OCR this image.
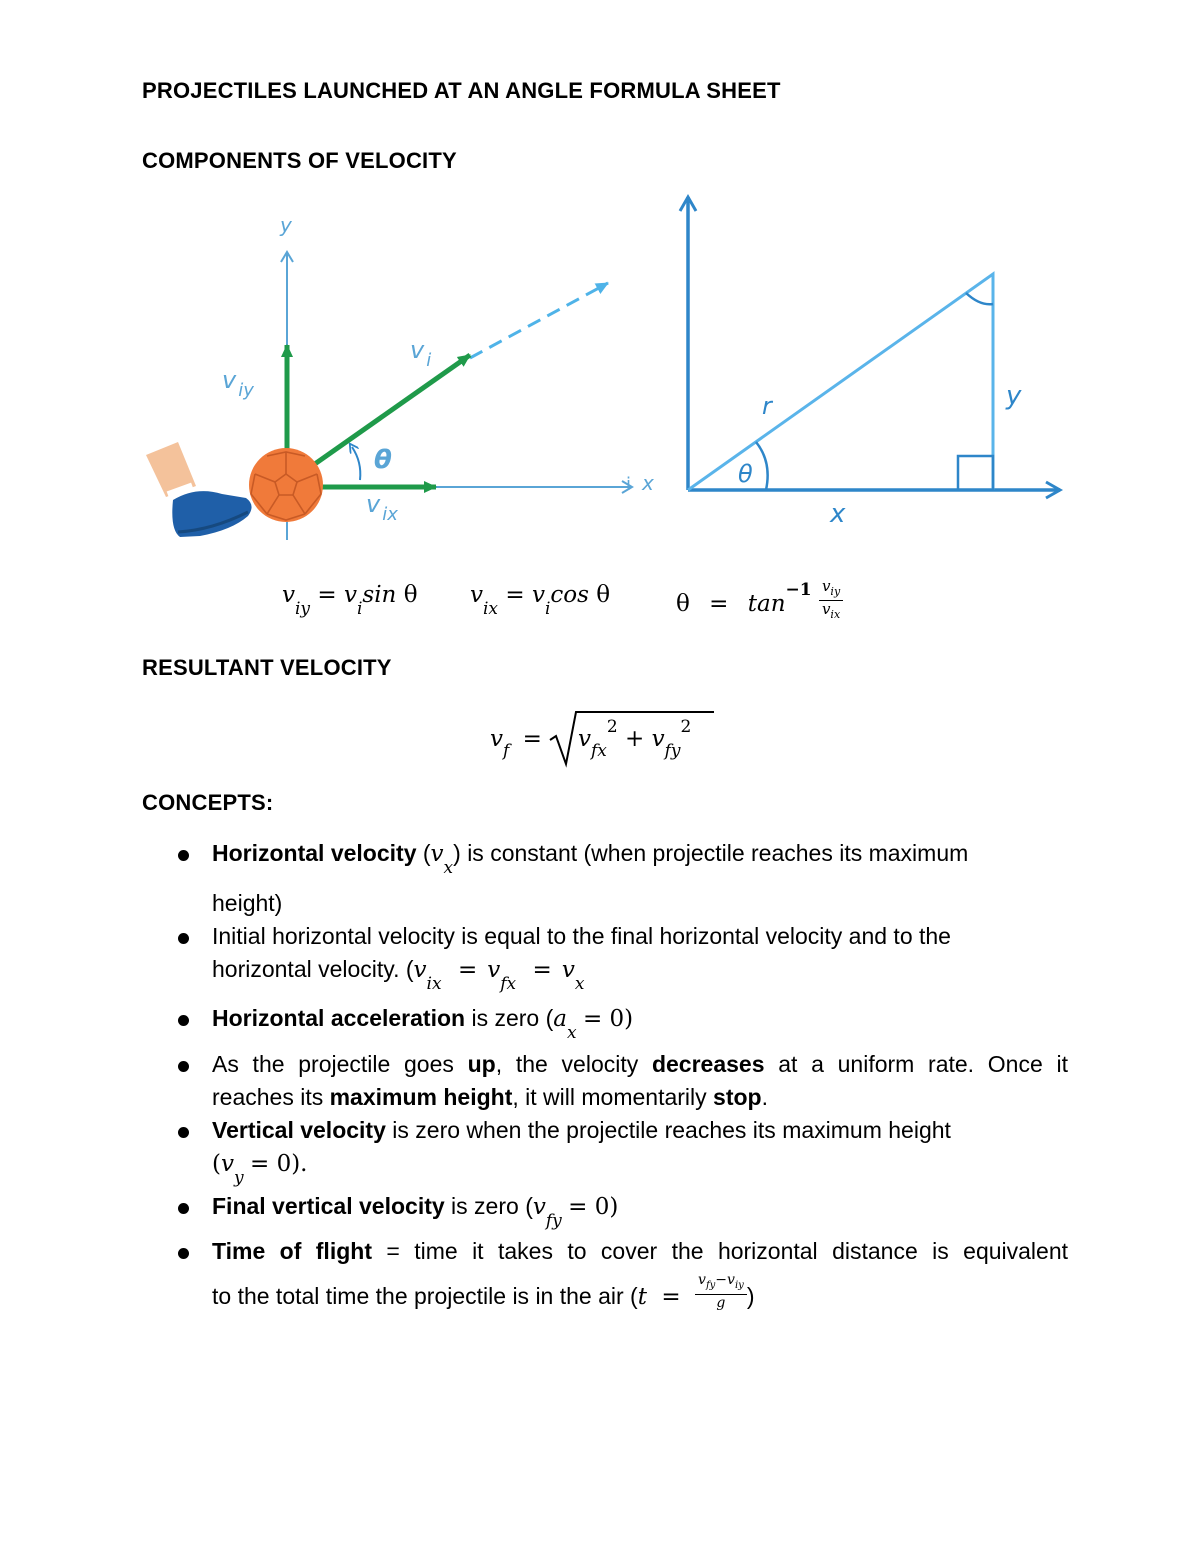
PROJECTILES LAUNCHED AT AN ANGLE FORMULA SHEET
COMPONENTS OF VELOCITY
y
i x
θ
v $_i$
v $_{iy}$
v $_{ix}$
θ
r	y
x
$v_{iy} = v_i\sin$ θ $v_{ix} = v_i\cos$ θ	$\theta = \tan^{-1} \frac{v_{iy}}{v_{ix}}$
RESULTANT VELOCITY
$v_f = v_{fx}2 + v_{fy}2$
CONCEPTS:
Horizontal velocity $(v_x)$ is constant (when projectile reaches its maximum
height)
Initial horizontal velocity is equal to the final horizontal velocity and to the
horizontal velocity. ($v_{ix} = v_{fx} = v_x$
Horizontal acceleration is zero $(a_x = 0)$
As the projectile goes up, the velocity decreases at a uniform rate. Once it
reaches its maximum height, it will momentarily stop.
Vertical velocity is zero when the projectile reaches its maximum height
$(v_y = 0)$.
Final vertical velocity is zero $(v_{fy} = 0)$
Time of flight = time it takes to cover the horizontal distance is equivalent
to the total time the projectile is in the air ($t = \frac{v_{fy}-v_{iy}}{g}$ )
